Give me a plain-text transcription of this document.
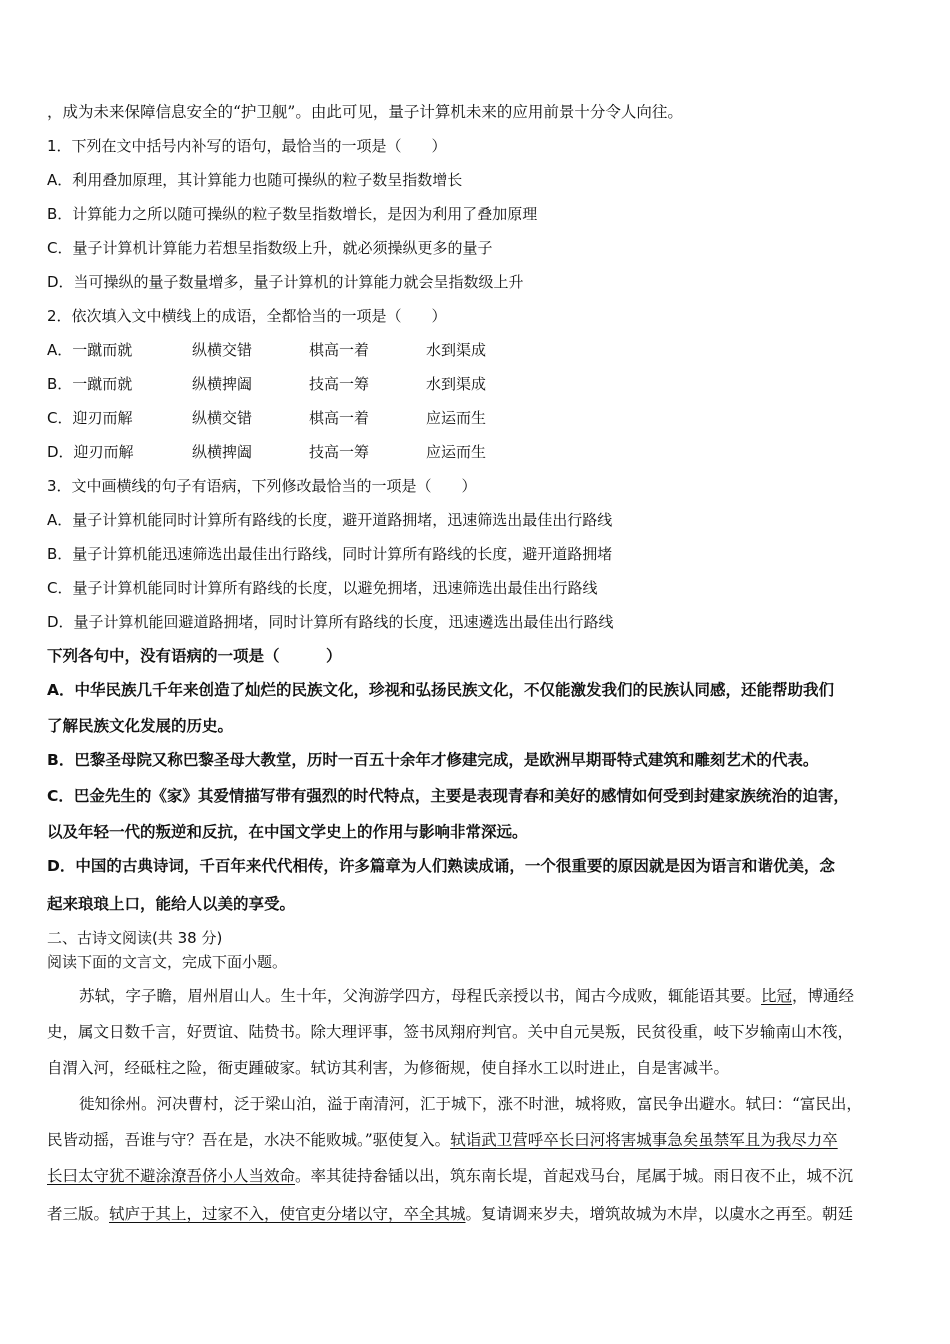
，成为未来保障信息安全的“护卫舰”。由此可见，量子计算机未来的应用前景十分令人向往。
1．下列在文中括号内补写的语句，最恰当的一项是（　　）
A．利用叠加原理，其计算能力也随可操纵的粒子数呈指数增长
B．计算能力之所以随可操纵的粒子数呈指数增长，是因为利用了叠加原理
C．量子计算机计算能力若想呈指数级上升，就必须操纵更多的量子
D．当可操纵的量子数量增多，量子计算机的计算能力就会呈指数级上升
2．依次填入文中横线上的成语，全都恰当的一项是（　　）
A．一蹴而就	纵横交错	棋高一着	水到渠成
B．一蹴而就	纵横捭阖	技高一筹	水到渠成
C．迎刃而解	纵横交错	棋高一着	应运而生
D．迎刃而解	纵横捭阖	技高一筹	应运而生
3．文中画横线的句子有语病，下列修改最恰当的一项是（　　）
A．量子计算机能同时计算所有路线的长度，避开道路拥堵，迅速筛选出最佳出行路线
B．量子计算机能迅速筛选出最佳出行路线，同时计算所有路线的长度，避开道路拥堵
C．量子计算机能同时计算所有路线的长度，以避免拥堵，迅速筛选出最佳出行路线
D．量子计算机能回避道路拥堵，同时计算所有路线的长度，迅速遴选出最佳出行路线
下列各句中，没有语病的一项是（　　　）
A．中华民族几千年来创造了灿烂的民族文化，珍视和弘扬民族文化，不仅能激发我们的民族认同感，还能帮助我们
了解民族文化发展的历史。
B．巴黎圣母院又称巴黎圣母大教堂，历时一百五十余年才修建完成，是欧洲早期哥特式建筑和雕刻艺术的代表。
C．巴金先生的《家》其爱情描写带有强烈的时代特点，主要是表现青春和美好的感情如何受到封建家族统治的迫害，
以及年轻一代的叛逆和反抗，在中国文学史上的作用与影响非常深远。
D．中国的古典诗词，千百年来代代相传，许多篇章为人们熟读成诵，一个很重要的原因就是因为语言和谐优美，念
起来琅琅上口，能给人以美的享受。
二、古诗文阅读(共 38 分)
阅读下面的文言文，完成下面小题。
苏轼，字子瞻，眉州眉山人。生十年，父洵游学四方，母程氏亲授以书，闻古今成败，辄能语其要。比冠，博通经
史，属文日数千言，好贾谊、陆贽书。除大理评事，签书凤翔府判官。关中自元昊叛，民贫役重，岐下岁输南山木筏，
自渭入河，经砥柱之险，衙吏踵破家。轼访其利害，为修衙规，使自择水工以时进止，自是害减半。
徙知徐州。河决曹村，泛于梁山泊，溢于南清河，汇于城下，涨不时泄，城将败，富民争出避水。轼曰：“富民出，
民皆动摇，吾谁与守？吾在是，水决不能败城。”驱使复入。轼诣武卫营呼卒长曰河将害城事急矣虽禁军且为我尽力卒
长曰太守犹不避涂潦吾侪小人当效命。率其徒持畚锸以出，筑东南长堤，首起戏马台，尾属于城。雨日夜不止，城不沉
者三版。轼庐于其上，过家不入，使官吏分堵以守，卒全其城。复请调来岁夫，增筑故城为木岸，以虞水之再至。朝廷
